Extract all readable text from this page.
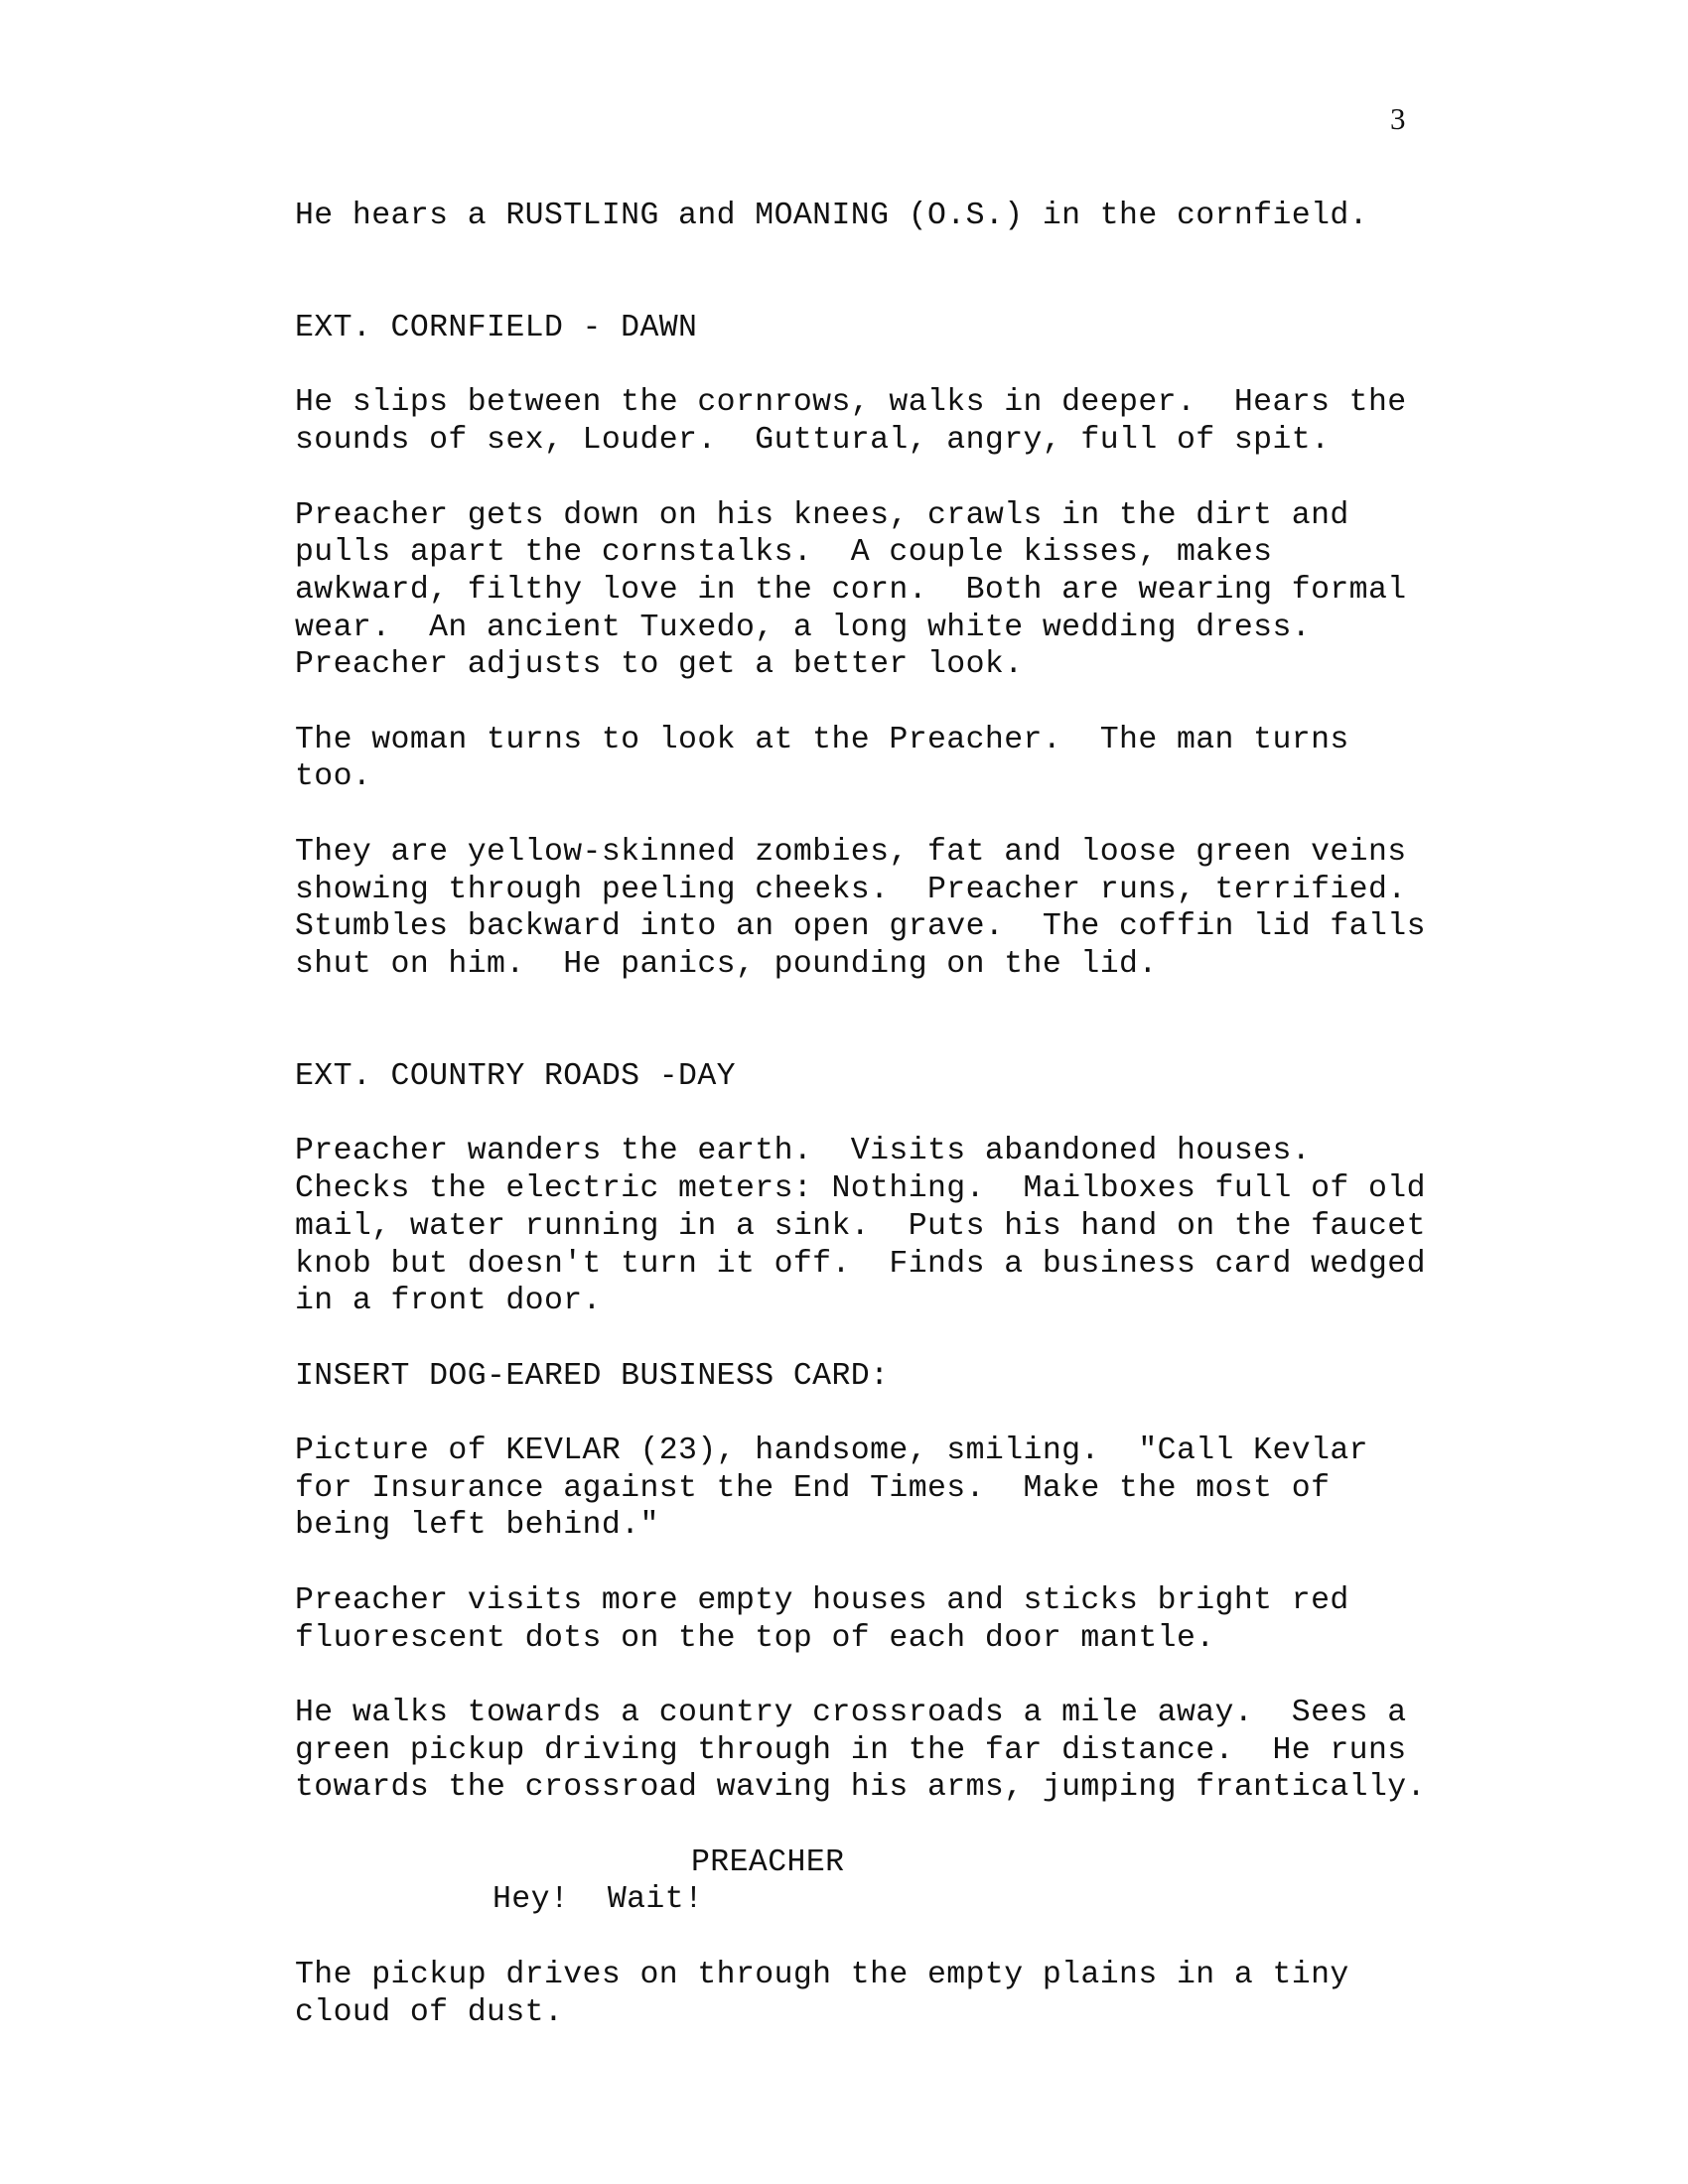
3

He hears a RUSTLING and MOANING (O.S.) in the cornfield.

EXT. CORNFIELD - DAWN

He slips between the cornrows, walks in deeper.  Hears the
sounds of sex, Louder.  Guttural, angry, full of spit.

Preacher gets down on his knees, crawls in the dirt and
pulls apart the cornstalks.  A couple kisses, makes
awkward, filthy love in the corn.  Both are wearing formal
wear.  An ancient Tuxedo, a long white wedding dress.
Preacher adjusts to get a better look.

The woman turns to look at the Preacher.  The man turns
too.

They are yellow-skinned zombies, fat and loose green veins
showing through peeling cheeks.  Preacher runs, terrified.
Stumbles backward into an open grave.  The coffin lid falls
shut on him.  He panics, pounding on the lid.

EXT. COUNTRY ROADS -DAY

Preacher wanders the earth.  Visits abandoned houses.
Checks the electric meters: Nothing.  Mailboxes full of old
mail, water running in a sink.  Puts his hand on the faucet
knob but doesn't turn it off.  Finds a business card wedged
in a front door.

INSERT DOG-EARED BUSINESS CARD:

Picture of KEVLAR (23), handsome, smiling.  "Call Kevlar
for Insurance against the End Times.  Make the most of
being left behind."

Preacher visits more empty houses and sticks bright red
fluorescent dots on the top of each door mantle.

He walks towards a country crossroads a mile away.  Sees a
green pickup driving through in the far distance.  He runs
towards the crossroad waving his arms, jumping frantically.

PREACHER

Hey!  Wait!

The pickup drives on through the empty plains in a tiny
cloud of dust.
